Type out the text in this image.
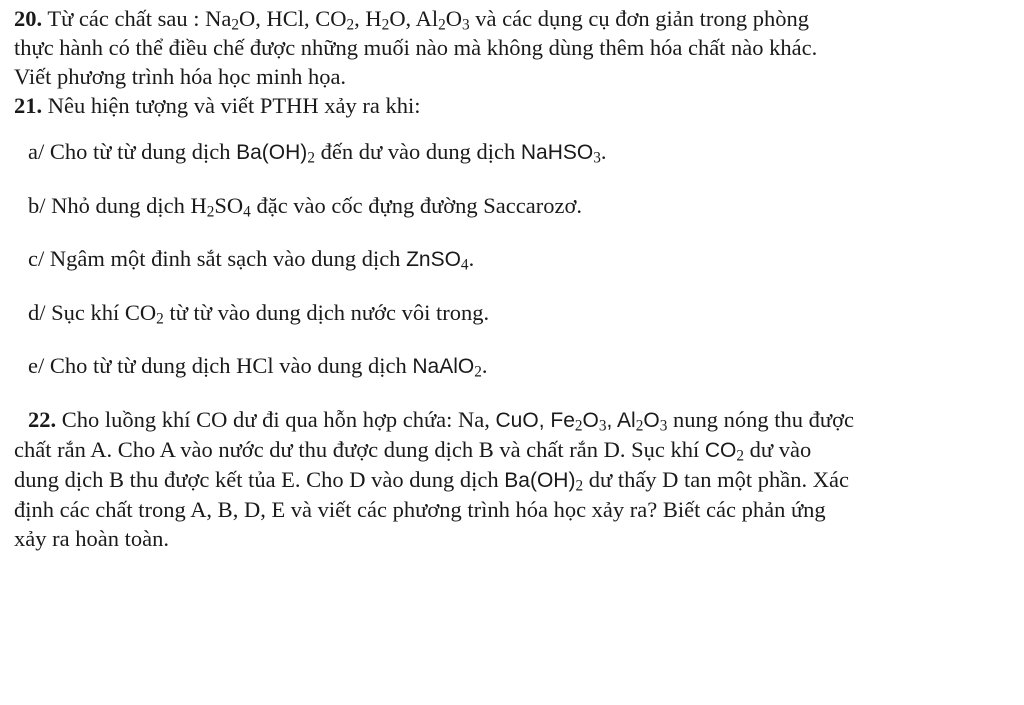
20. Từ các chất sau : $Na_2O$, HCl, $CO_2$, $H_2O$, $Al_2O_3$ và các dụng cụ đơn giản trong phòng
thực hành có thể điều chế được những muối nào mà không dùng thêm hóa chất nào khác.
Viết phương trình hóa học minh họa.
21. Nêu hiện tượng và viết PTHH xảy ra khi:
a/ Cho từ từ dung dịch $Ba(OH)_2$ đến dư vào dung dịch NaHSO$_3$.
b/ Nhỏ dung dịch $H_2SO_4$ đặc vào cốc đựng đường Saccarozơ.
c/ Ngâm một đinh sắt sạch vào dung dịch ZnSO$_4$.
d/ Sục khí $CO_2$ từ từ vào dung dịch nước vôi trong.
e/ Cho từ từ dung dịch HCl vào dung dịch NaAlO$_2$.
22. Cho luồng khí CO dư đi qua hỗn hợp chứa: Na, CuO, $Fe_2O_3$, $Al_2O_3$ nung nóng thu được
chất rắn A. Cho A vào nước dư thu được dung dịch B và chất rắn D. Sục khí $CO_2$ dư vào
dung dịch B thu được kết tủa E. Cho D vào dung dịch $Ba(OH)_2$ dư thấy D tan một phần. Xác
định các chất trong A, B, D, E và viết các phương trình hóa học xảy ra? Biết các phản ứng
xảy ra hoàn toàn.
